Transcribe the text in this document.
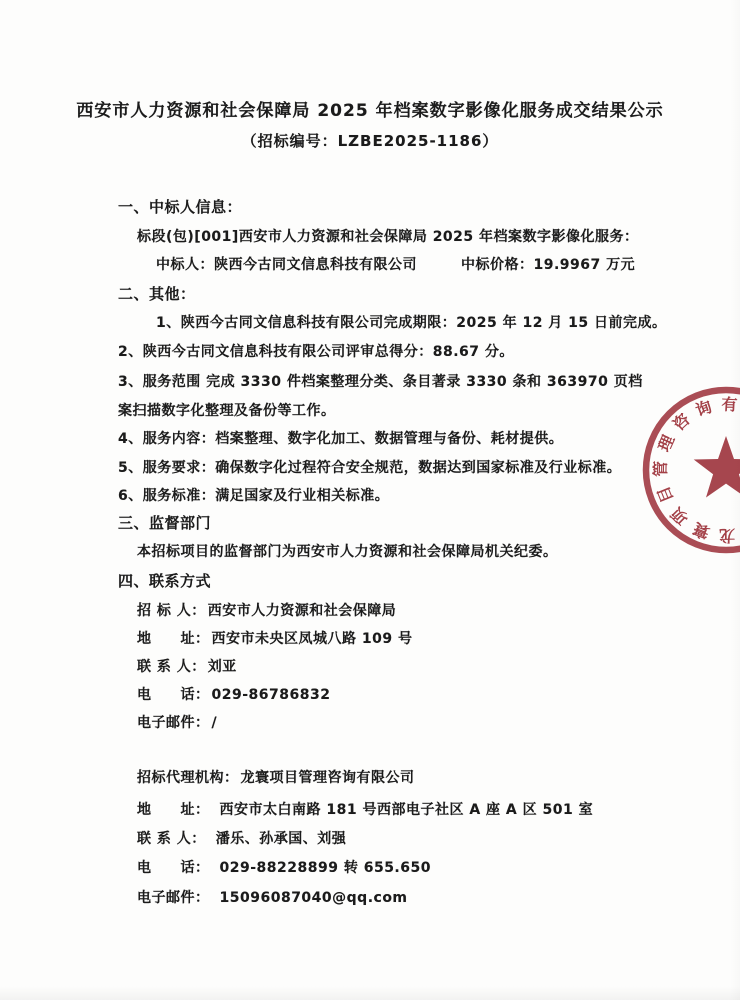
西安市人力资源和社会保障局 2025 年档案数字影像化服务成交结果公示
（招标编号：LZBE2025-1186）
一、中标人信息：
标段(包)[001]西安市人力资源和社会保障局 2025 年档案数字影像化服务：
中标人：陕西今古同文信息科技有限公司	中标价格：19.9967 万元
二、其他：
1、陕西今古同文信息科技有限公司完成期限：2025 年 12 月 15 日前完成。
2、陕西今古同文信息科技有限公司评审总得分：88.67 分。
3、服务范围 完成 3330 件档案整理分类、条目著录 3330 条和 363970 页档案扫描数字化整理及备份等工作。
4、服务内容：档案整理、数字化加工、数据管理与备份、耗材提供。
5、服务要求：确保数字化过程符合安全规范，数据达到国家标准及行业标准。
6、服务标准：满足国家及行业相关标准。
三、监督部门
本招标项目的监督部门为西安市人力资源和社会保障局机关纪委。
四、联系方式
招 标 人： 西安市人力资源和社会保障局
地　　址： 西安市未央区凤城八路 109 号
联 系 人： 刘亚
电　　话： 029-86786832
电子邮件： /
招标代理机构： 龙寰项目管理咨询有限公司
地　　址： 西安市太白南路 181 号西部电子社区 A 座 A 区 501 室
联 系 人： 潘乐、孙承国、刘强
电　　话： 029-88228899 转 655.650
电子邮件： 15096087040@qq.com
龙
寰
项
目
管
理
咨
询 有
